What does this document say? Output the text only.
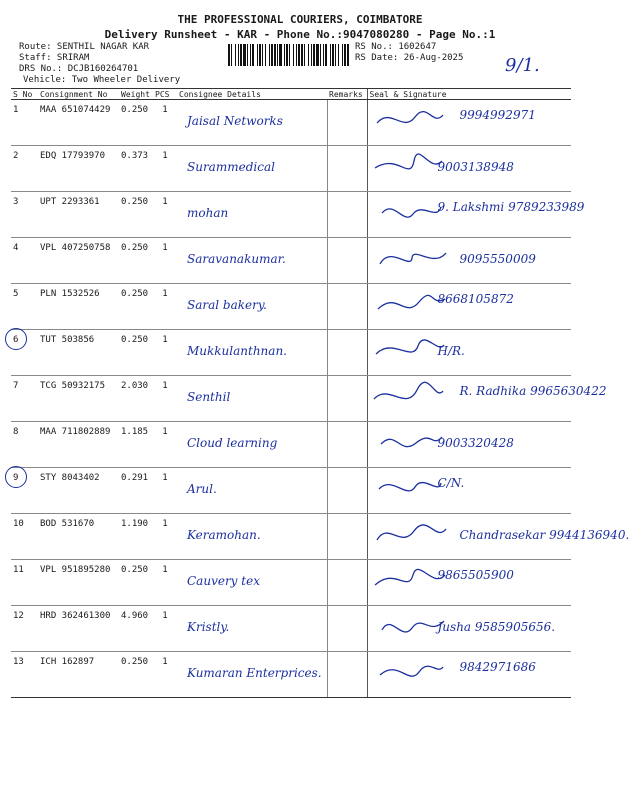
THE PROFESSIONAL COURIERS, COIMBATORE
Delivery Runsheet - KAR - Phone No.:9047080280 - Page No.:1
Route: SENTHIL NAGAR KAR
Staff: SRIRAM
DRS No.: DCJB160264701
Vehicle: Two Wheeler Delivery
RS No.: 1602647
RS Date: 26-Aug-2025 9/1.
S No	Consignment No	Weight	PCS	Consignee Details	Remarks	Seal & Signature
1	MAA 651074429	0.250	1	Jaisal Networks		9994992971

2	EDQ 17793970	0.373	1	Surammedical		9003138948

3	UPT 2293361	0.250	1	mohan		9. Lakshmi 9789233989

4	VPL 407250758	0.250	1	Saravanakumar.		9095550009

5	PLN 1532526	0.250	1	Saral bakery.		8668105872

6	TUT 503856	0.250	1	Mukkulanthnan.		H/R.

7	TCG 50932175	2.030	1	Senthil		R. Radhika 9965630422

8	MAA 711802889	1.185	1	Cloud learning		9003320428

9	STY 8043402	0.291	1	Arul.		C/N.

10	BOD 531670	1.190	1	Keramohan.		Chandrasekar 9944136940.

11	VPL 951895280	0.250	1	Cauvery tex		9865505900

12	HRD 362461300	4.960	1	Kristly.		Jusha 9585905656.

13	ICH 162897	0.250	1	Kumaran Enterprices.		9842971686
